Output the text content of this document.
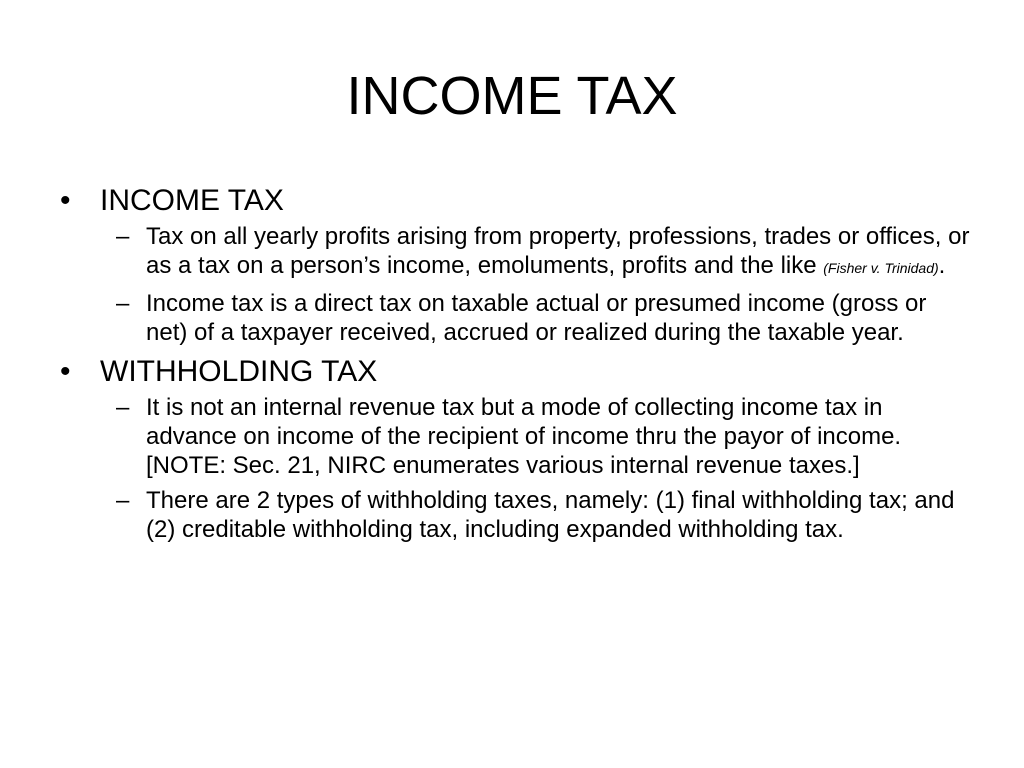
INCOME TAX
• INCOME TAX
– Tax on all yearly profits arising from property, professions, trades or offices, or as a tax on a person’s income, emoluments, profits and the like (Fisher v. Trinidad).
– Income tax is a direct tax on taxable actual or presumed income (gross or net) of a taxpayer received, accrued or realized during the taxable year.
• WITHHOLDING TAX
– It is not an internal revenue tax but a mode of collecting income tax in advance on income of the recipient of income thru the payor of income. [NOTE: Sec. 21, NIRC enumerates various internal revenue taxes.]
– There are 2 types of withholding taxes, namely: (1) final withholding tax; and (2) creditable withholding tax, including expanded withholding tax.
